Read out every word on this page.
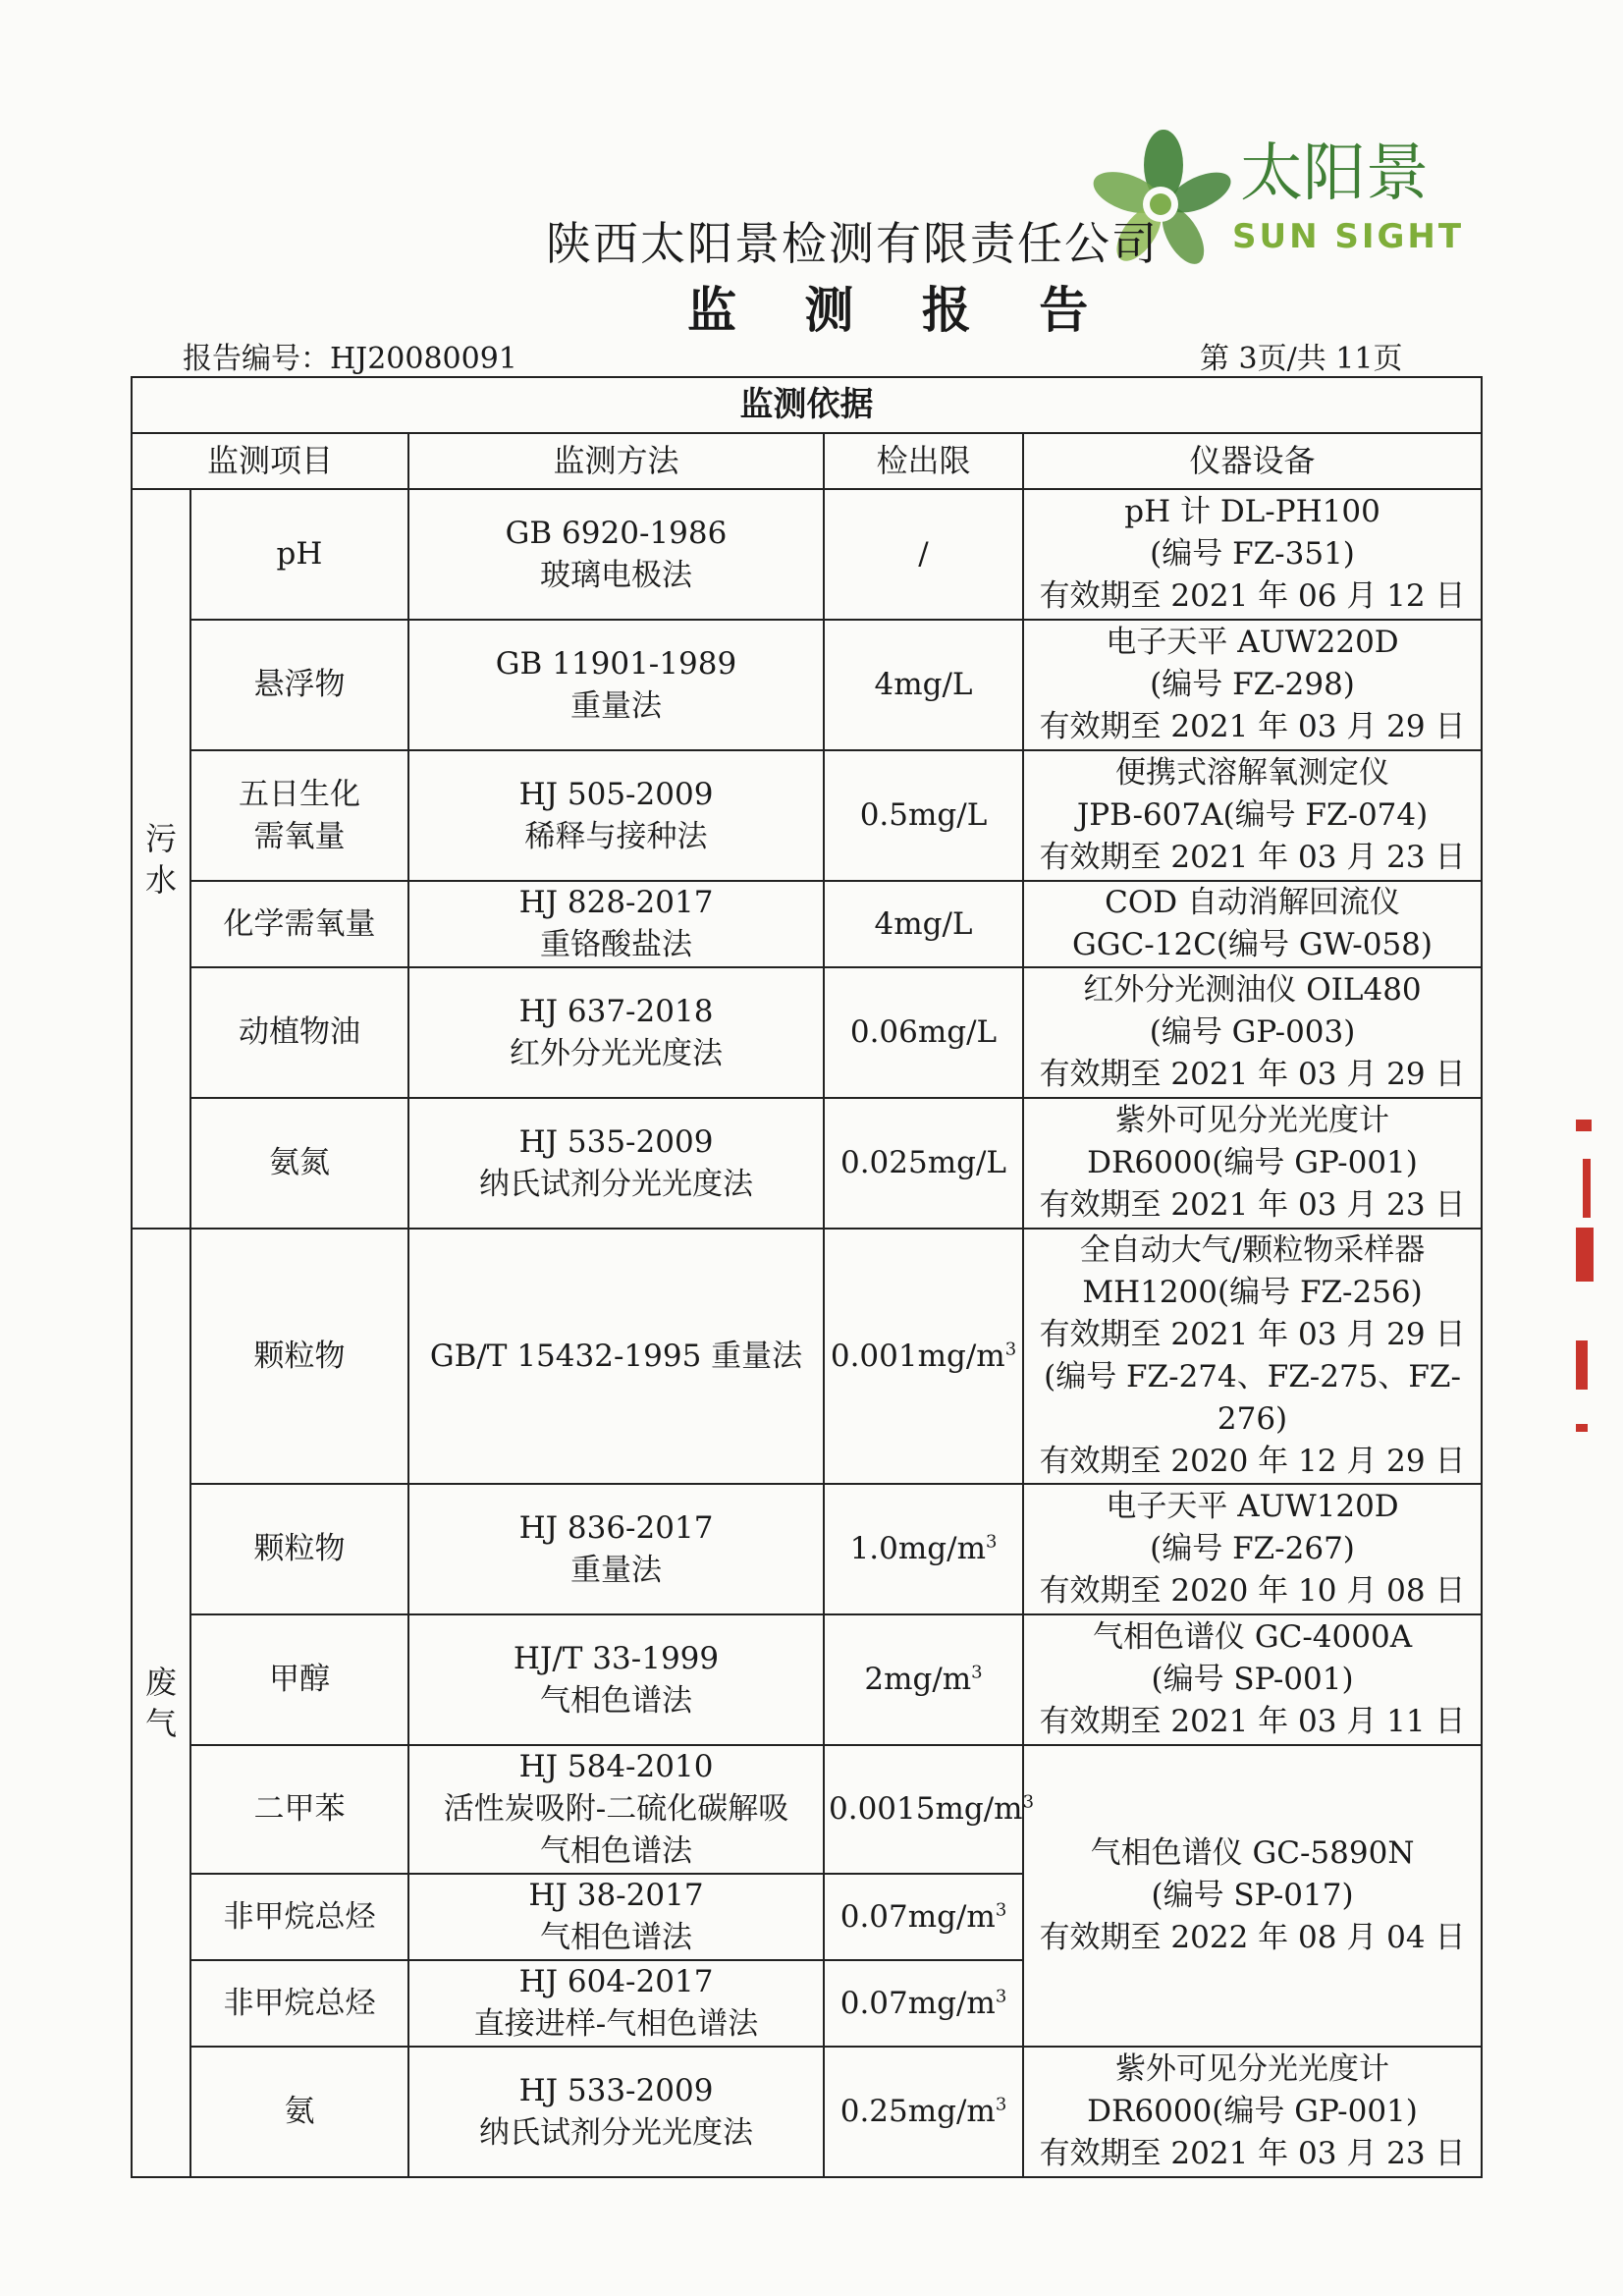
太阳景
SUN SIGHT
陕西太阳景检测有限责任公司
监 测 报 告
报告编号：HJ20080091	第 3页/共 11页
监测依据				
监测项目		监测方法	检出限	仪器设备

污
水	pH	GB 6920-1986
玻璃电极法	/	pH 计 DL-PH100
(编号 FZ-351)
有效期至 2021 年 06 月 12 日

	悬浮物	GB 11901-1989
重量法	4mg/L	电子天平 AUW220D
(编号 FZ-298)
有效期至 2021 年 03 月 29 日

	五日生化
需氧量	HJ 505-2009
稀释与接种法	0.5mg/L	便携式溶解氧测定仪
JPB-607A(编号 FZ-074)
有效期至 2021 年 03 月 23 日

	化学需氧量	HJ 828-2017
重铬酸盐法	4mg/L	COD 自动消解回流仪
GGC-12C(编号 GW-058)

	动植物油	HJ 637-2018
红外分光光度法	0.06mg/L	红外分光测油仪 OIL480
(编号 GP-003)
有效期至 2021 年 03 月 29 日

	氨氮	HJ 535-2009
纳氏试剂分光光度法	0.025mg/L	紫外可见分光光度计
DR6000(编号 GP-001)
有效期至 2021 年 03 月 23 日

废
气	颗粒物	GB/T 15432-1995 重量法	$0.001mg/m^3$	全自动大气/颗粒物采样器
MH1200(编号 FZ-256)
有效期至 2021 年 03 月 29 日
(编号 FZ-274、FZ-275、FZ-276)
有效期至 2020 年 12 月 29 日

	颗粒物	HJ 836-2017
重量法	$1.0mg/m^3$	电子天平 AUW120D
(编号 FZ-267)
有效期至 2020 年 10 月 08 日

	甲醇	HJ/T 33-1999
气相色谱法	$2mg/m^3$	气相色谱仪 GC-4000A
(编号 SP-001)
有效期至 2021 年 03 月 11 日

	二甲苯	HJ 584-2010
活性炭吸附-二硫化碳解吸
气相色谱法	$0.0015mg/m^3$	气相色谱仪 GC-5890N
(编号 SP-017)
有效期至 2022 年 08 月 04 日

	非甲烷总烃	HJ 38-2017
气相色谱法	$0.07mg/m^3$

	非甲烷总烃	HJ 604-2017
直接进样-气相色谱法	$0.07mg/m^3$

	氨	HJ 533-2009
纳氏试剂分光光度法	$0.25mg/m^3$	紫外可见分光光度计
DR6000(编号 GP-001)
有效期至 2021 年 03 月 23 日
